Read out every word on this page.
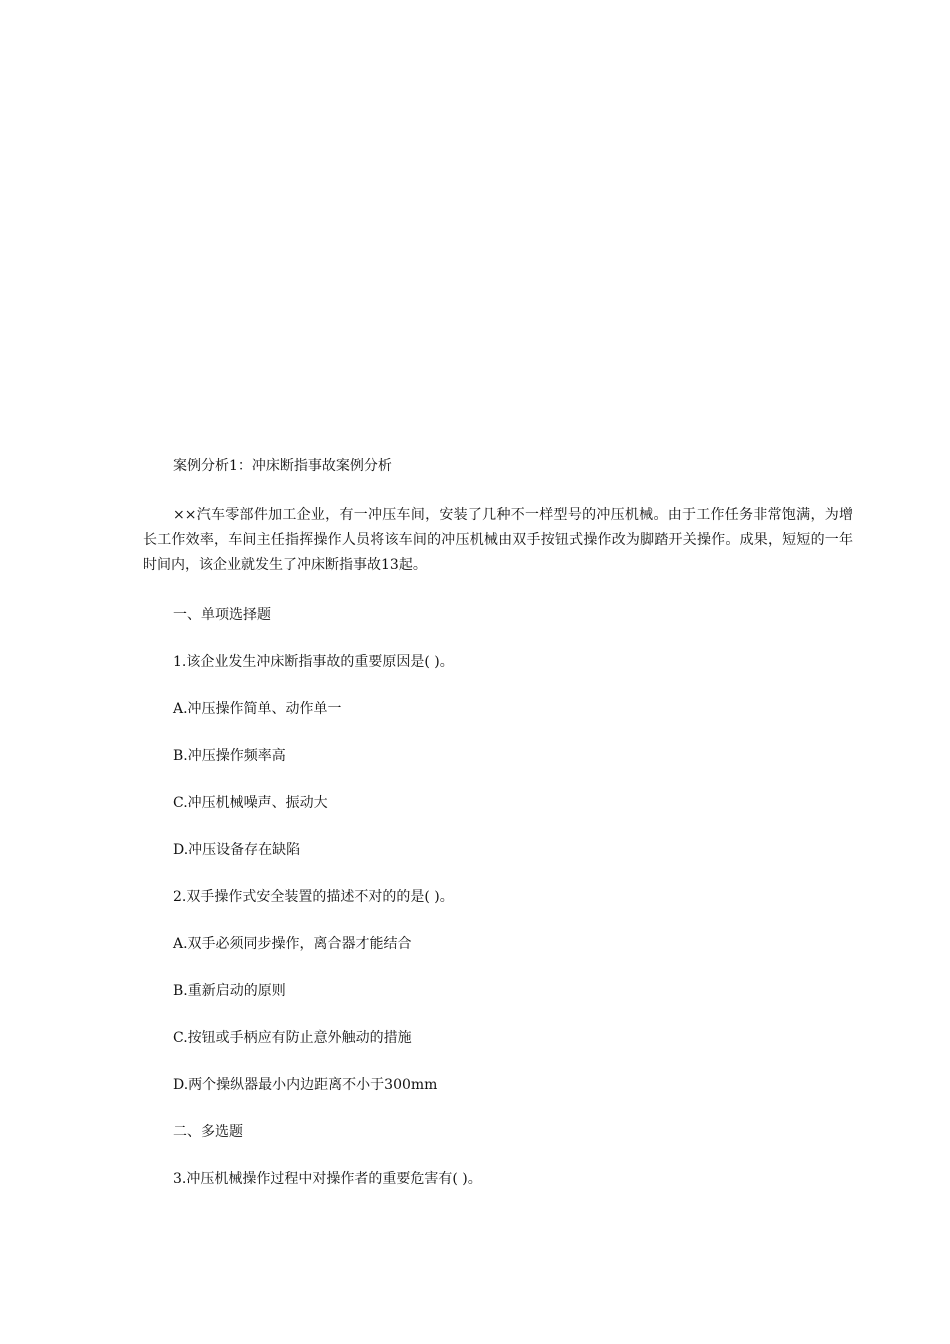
案例分析1：冲床断指事故案例分析

××汽车零部件加工企业，有一冲压车间，安装了几种不一样型号的冲压机械。由于工作任务非常饱满，为增长工作效率，车间主任指挥操作人员将该车间的冲压机械由双手按钮式操作改为脚踏开关操作。成果，短短的一年时间内，该企业就发生了冲床断指事故13起。

一、单项选择题

1.该企业发生冲床断指事故的重要原因是( )。

A.冲压操作简单、动作单一

B.冲压操作频率高

C.冲压机械噪声、振动大

D.冲压设备存在缺陷

2.双手操作式安全装置的描述不对的的是( )。

A.双手必须同步操作，离合器才能结合

B.重新启动的原则

C.按钮或手柄应有防止意外触动的措施

D.两个操纵器最小内边距离不小于300mm

二、多选题

3.冲压机械操作过程中对操作者的重要危害有( )。
